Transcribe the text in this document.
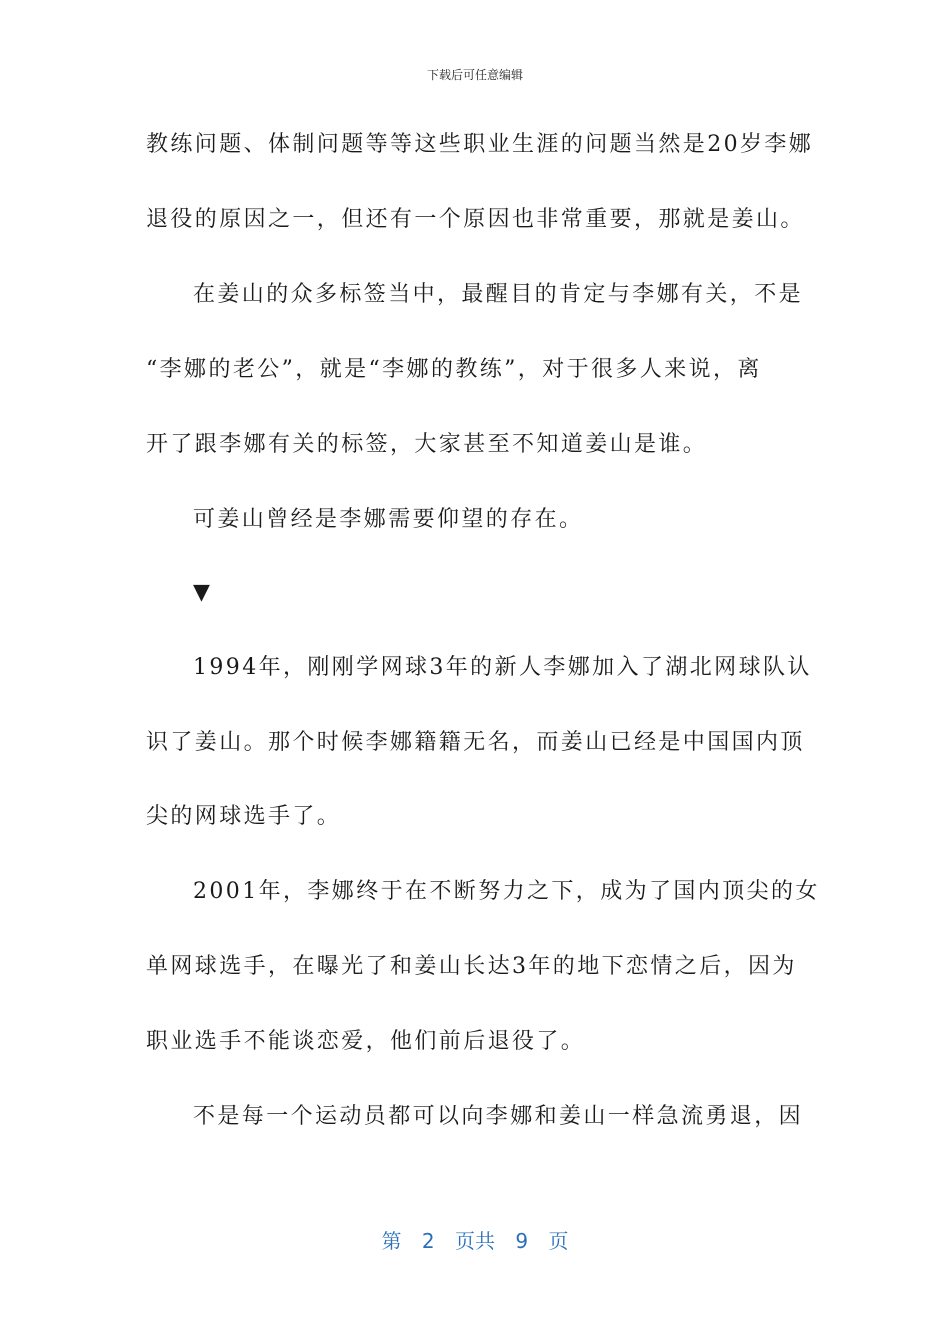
下载后可任意编辑
教练问题、体制问题等等这些职业生涯的问题当然是20岁李娜
退役的原因之一，但还有一个原因也非常重要，那就是姜山。
在姜山的众多标签当中，最醒目的肯定与李娜有关，不是
“李娜的老公”，就是“李娜的教练”，对于很多人来说，离
开了跟李娜有关的标签，大家甚至不知道姜山是谁。
可姜山曾经是李娜需要仰望的存在。
▼
1994年，刚刚学网球3年的新人李娜加入了湖北网球队认
识了姜山。那个时候李娜籍籍无名，而姜山已经是中国国内顶
尖的网球选手了。
2001年，李娜终于在不断努力之下，成为了国内顶尖的女
单网球选手，在曝光了和姜山长达3年的地下恋情之后，因为
职业选手不能谈恋爱，他们前后退役了。
不是每一个运动员都可以向李娜和姜山一样急流勇退，因
第 2 页共 9 页
